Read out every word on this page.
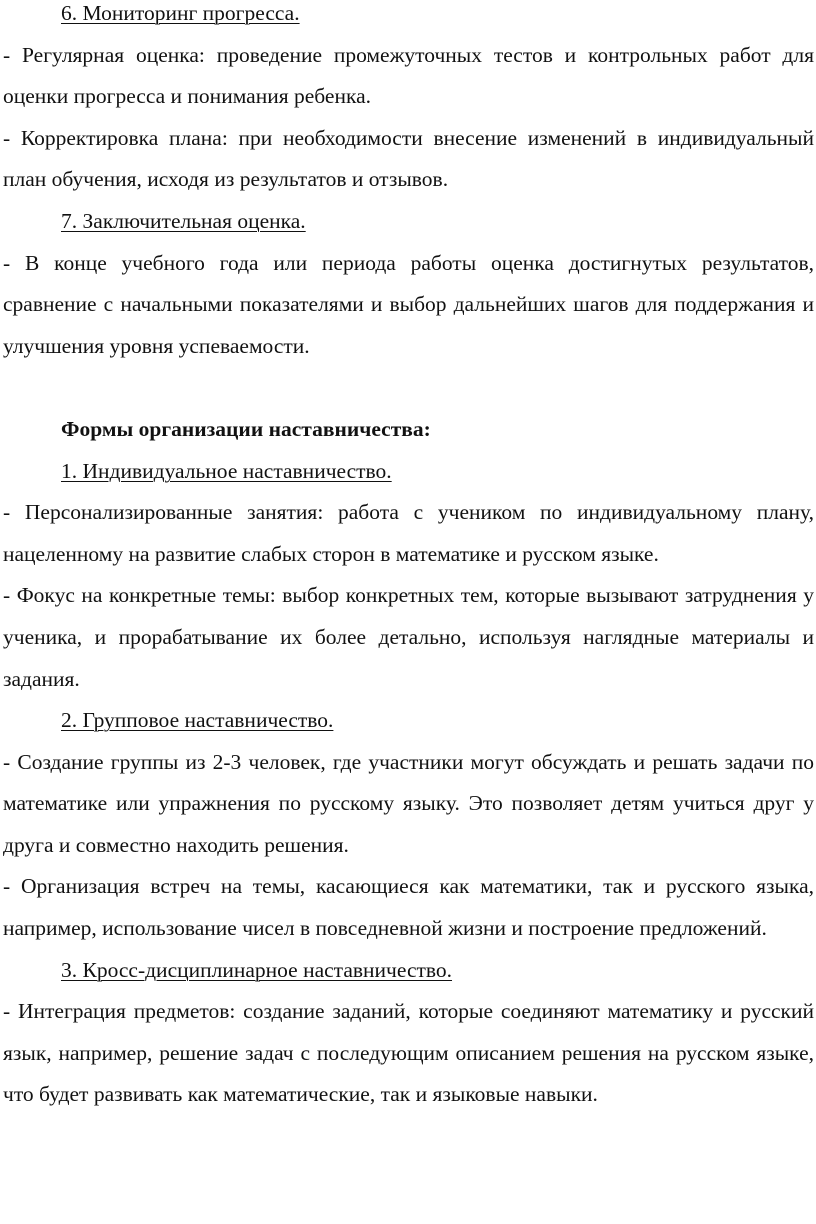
6. Мониторинг прогресса.

- Регулярная оценка: проведение промежуточных тестов и контрольных работ для оценки прогресса и понимания ребенка.

- Корректировка плана: при необходимости внесение изменений в индивидуальный план обучения, исходя из результатов и отзывов.

7. Заключительная оценка.

- В конце учебного года или периода работы оценка достигнутых результатов, сравнение с начальными показателями и выбор дальнейших шагов для поддержания и улучшения уровня успеваемости.

Формы организации наставничества:

1. Индивидуальное наставничество.

- Персонализированные занятия: работа с учеником по индивидуальному плану, нацеленному на развитие слабых сторон в математике и русском языке.

- Фокус на конкретные темы: выбор конкретных тем, которые вызывают затруднения у ученика, и прорабатывание их более детально, используя наглядные материалы и задания.

2. Групповое наставничество.

- Создание группы из 2-3 человек, где участники могут обсуждать и решать задачи по математике или упражнения по русскому языку. Это позволяет детям учиться друг у друга и совместно находить решения.

- Организация встреч на темы, касающиеся как математики, так и русского языка, например, использование чисел в повседневной жизни и построение предложений.

3. Кросс-дисциплинарное наставничество.

- Интеграция предметов: создание заданий, которые соединяют математику и русский язык, например, решение задач с последующим описанием решения на русском языке, что будет развивать как математические, так и языковые навыки.
